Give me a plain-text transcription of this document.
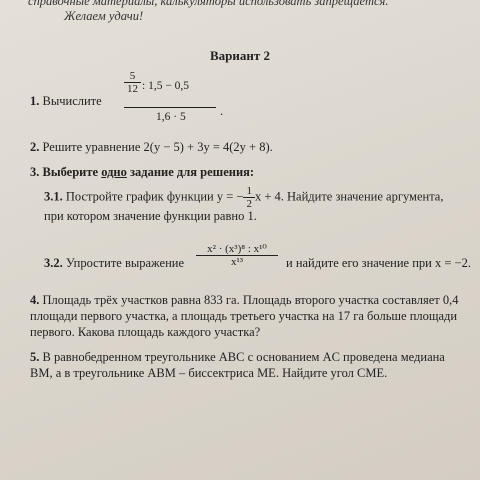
справочные материалы, калькуляторы использовать запрещается.
Желаем удачи!
Вариант 2
1. Вычислите
$\frac{5}{12}$ : 1,5 − 0,5
1,6 · 5	.
2. Решите уравнение 2(y − 5) + 3y = 4(2y + 8).
3. Выберите одно задание для решения:
3.1. Постройте график функции y = − $\frac{1}{2}$ x + 4. Найдите значение аргумента,
при котором значение функции равно 1.
3.2. Упростите выражение $\frac{\text{x² · (x³)⁸ : x¹⁰}}{\text{x¹³}}$ и найдите его значение при x = −2.
4. Площадь трёх участков равна 833 га. Площадь второго участка составляет 0,4
площади первого участка, а площадь третьего участка на 17 га больше площади
первого. Какова площадь каждого участка?
5. В равнобедренном треугольнике ABC с основанием AC проведена медиана
BM, а в треугольнике ABM – биссектриса ME. Найдите угол CME.
